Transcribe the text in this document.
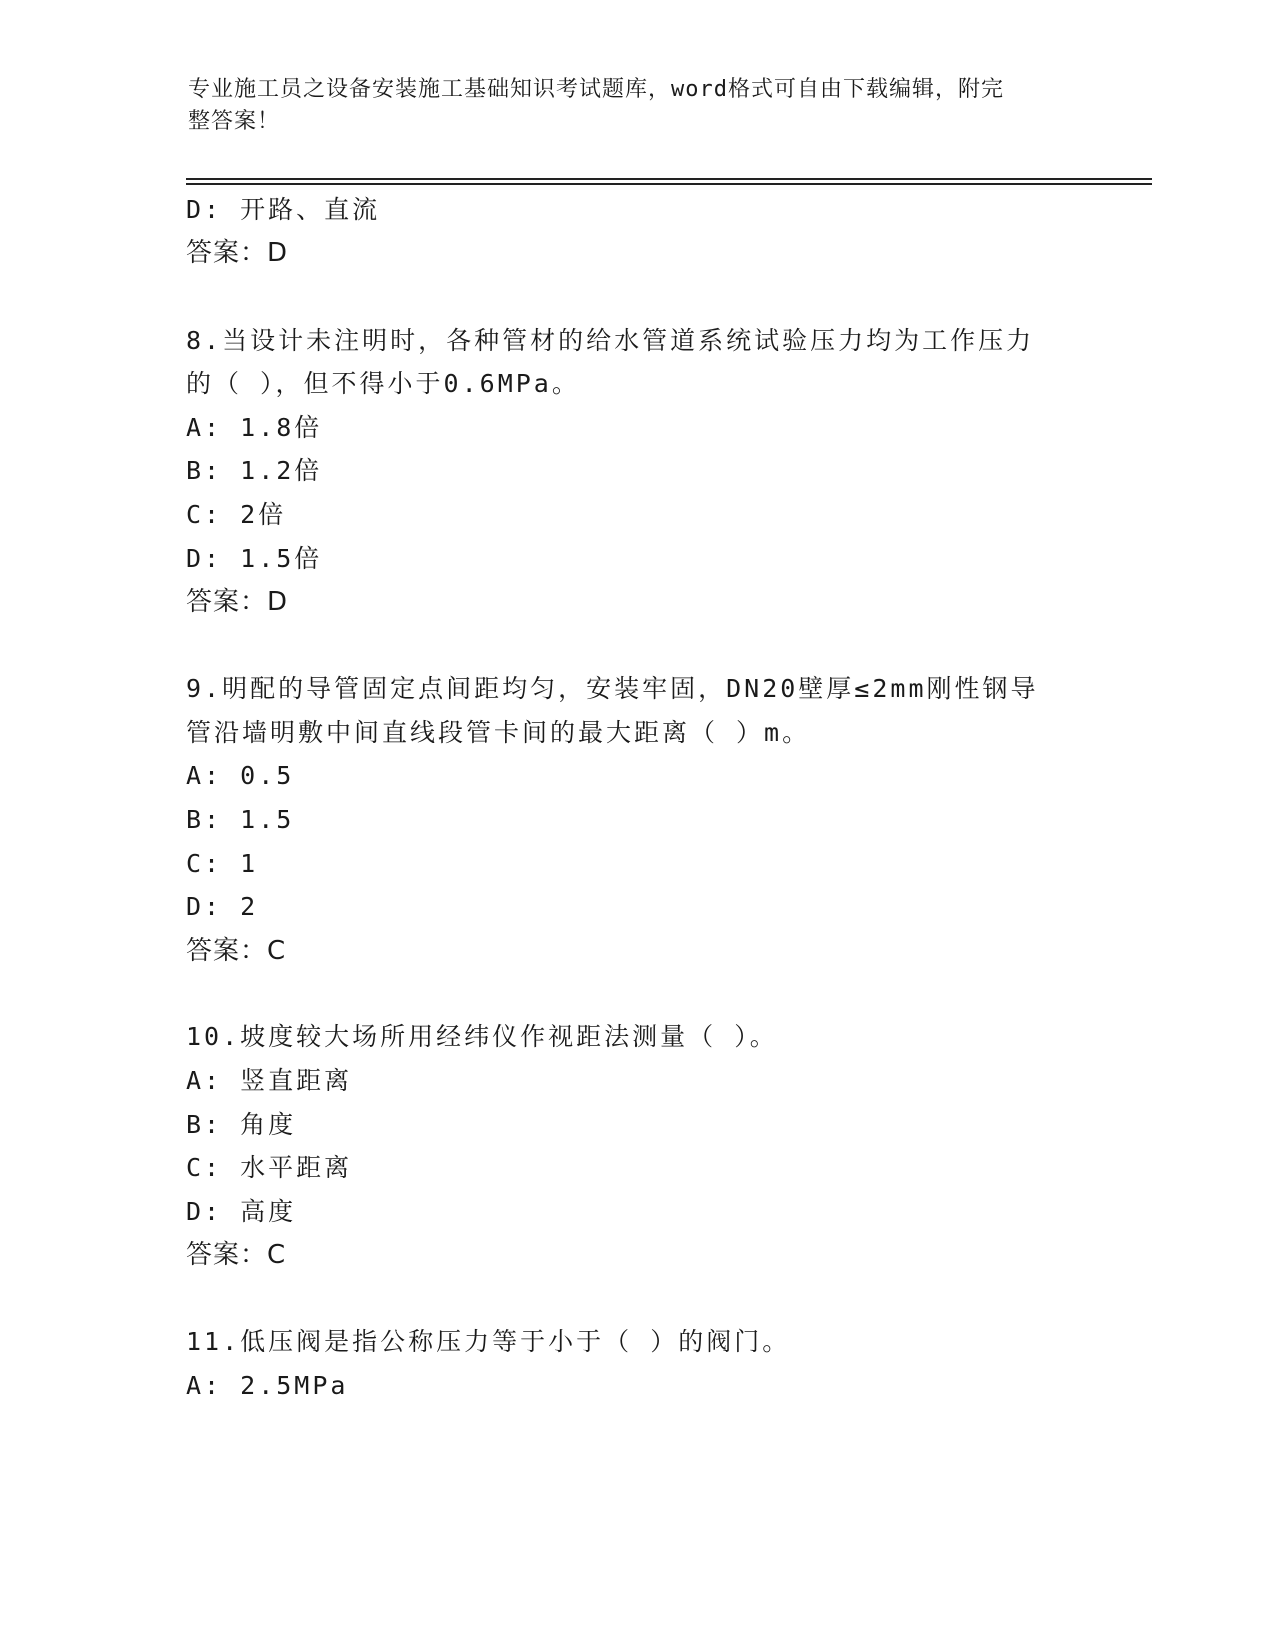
专业施工员之设备安装施工基础知识考试题库，word格式可自由下载编辑，附完
整答案！
D: 开路、直流
答案：D
8.当设计未注明时，各种管材的给水管道系统试验压力均为工作压力
的（ ），但不得小于0.6MPa。
A: 1.8倍
B: 1.2倍
C: 2倍
D: 1.5倍
答案：D
9.明配的导管固定点间距均匀，安装牢固，DN20壁厚≤2mm刚性钢导
管沿墙明敷中间直线段管卡间的最大距离（ ）m。
A: 0.5
B: 1.5
C: 1
D: 2
答案：C
10.坡度较大场所用经纬仪作视距法测量（ ）。
A: 竖直距离
B: 角度
C: 水平距离
D: 高度
答案：C
11.低压阀是指公称压力等于小于（ ）的阀门。
A: 2.5MPa
